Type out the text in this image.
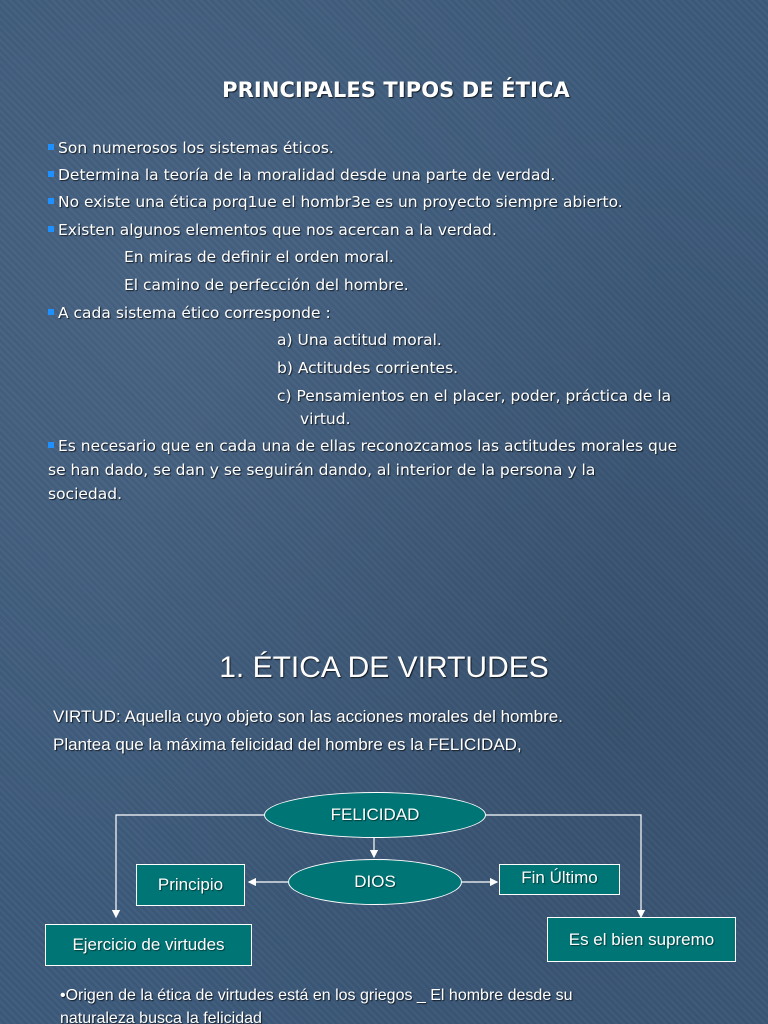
PRINCIPALES TIPOS DE ÉTICA
Son numerosos los sistemas éticos.
Determina la teoría de la moralidad desde una parte de verdad.
No existe una ética porq1ue el hombr3e es un proyecto siempre abierto.
Existen algunos elementos que nos acercan a la verdad.
En miras de definir el orden moral.
El camino de perfección del hombre.
A cada sistema ético corresponde :
a) Una actitud moral.
b) Actitudes corrientes.
c) Pensamientos en el placer, poder, práctica de la
virtud.
Es necesario que en cada una de ellas reconozcamos las actitudes morales que
se han dado, se dan y se seguirán dando, al interior de la persona y la
sociedad.
1. ÉTICA DE VIRTUDES
VIRTUD: Aquella cuyo objeto son las acciones morales del hombre.
Plantea que la máxima felicidad del hombre es la FELICIDAD,
FELICIDAD
DIOS
Principio	Fin Último
Ejercicio de virtudes	Es el bien supremo
•Origen de la ética de virtudes está en los griegos _ El hombre desde su
naturaleza busca la felicidad
